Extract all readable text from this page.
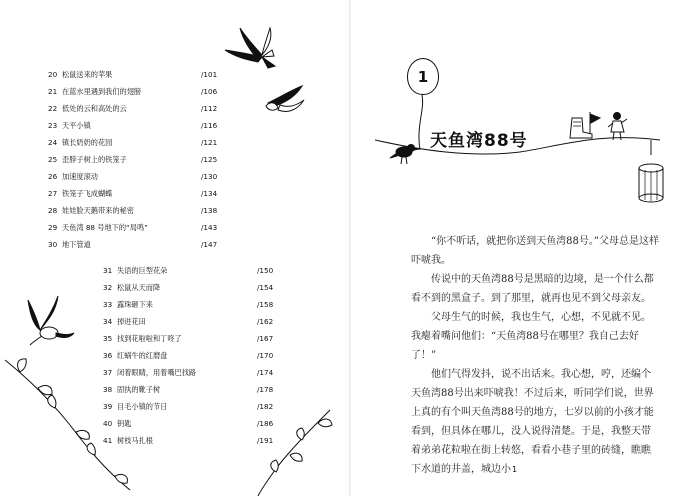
20 松鼠送来的苹果	/101
21 在蓝水里遇到我们的翅膀	/106
22 低处的云和高处的云	/112
23 天平小镇	/116
24 镇长奶奶的花园	/121
25 歪脖子树上的铁笼子	/125
26 加速度滚动	/130
27 铁笼子飞成蝴蝶	/134
28 娃娃脸天鹅带来的秘密	/138
29 天鱼湾 88 号地下的“局鸣”	/143
30 地下管道	/147
31 失语的巨型花朵	/150
32 松鼠从天而降	/154
33 露珠砸下来	/158
34 掉进花田	/162
35 找到花啦啦和丁咚了	/167
36 红蜗牛的红磨盘	/170
37 闭着眼睛，用着嘴巴找路	/174
38 固执的靴子树	/178
39 目毛小镇的节日	/182
40 钥匙	/186
41 树枝马扎根	/191
1
天鱼湾88号

“你不听话，就把你送到天鱼湾88号。”父母总是这样吓唬我。

传说中的天鱼湾88号是黑暗的边境，是一个什么都看不到的黑盒子。到了那里，就再也见不到父母亲友。

父母生气的时候，我也生气，心想，不见就不见。我瘪着嘴问他们：“天鱼湾88号在哪里？我自己去好了！”

他们气得发抖，说不出话来。我心想，哼，还编个天鱼湾88号出来吓唬我！不过后来，听同学们说，世界上真的有个叫天鱼湾88号的地方，七岁以前的小孩才能看到，但具体在哪儿，没人说得清楚。于是，我整天带着弟弟花粒啦在街上转悠，看看小巷子里的砖缝，瞧瞧下水道的井盖，城边小 1
